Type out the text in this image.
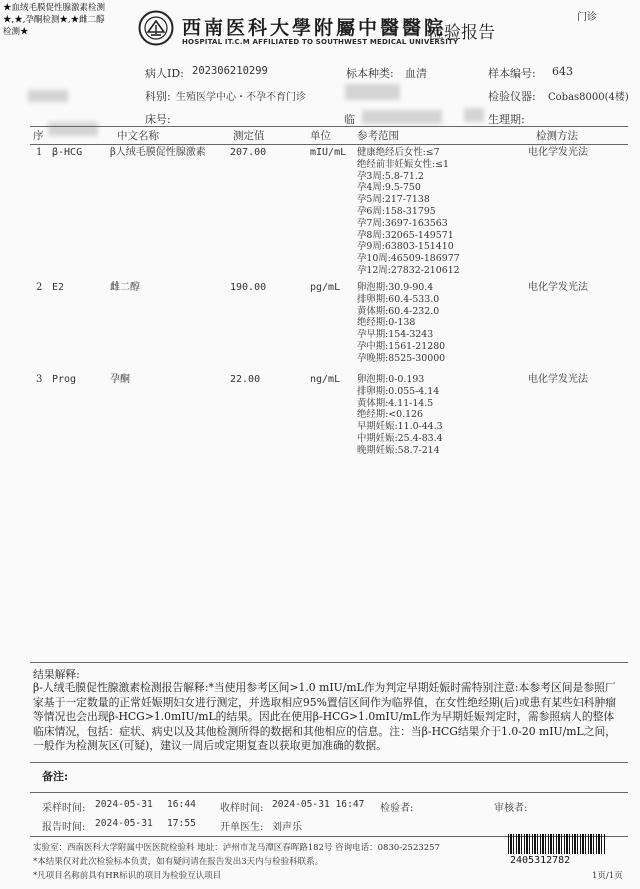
★血绒毛膜促性腺激素检测
★,★,孕酮检测★,★雌二醇
检测★	西南医科大學附屬中醫醫院
HOSPITAL IT.C.M AFFILIATED TO SOUTHWEST MEDICAL UNIVERSITY
检验报告
门诊
病人ID: 202306210299	标本种类: 血清	样本编号: 643
科别: 生殖医学中心・不孕不育门诊	检验仪器: Cobas8000(4楼)
床号:	临	生理期:
序	中文名称	测定值	单位 参考范围	检测方法
1 β-HCG	β人绒毛膜促性腺激素 207.00	mIU/mL 健康绝经后女性:≤7
绝经前非妊娠女性:≤1
孕3周:5.8-71.2
孕4周:9.5-750
孕5周:217-7138
孕6周:158-31795
孕7周:3697-163563
孕8周:32065-149571
孕9周:63803-151410
孕10周:46509-186977
孕12周:27832-210612
电化学发光法
2 E2	雌二醇	190.00	pg/mL 卵泡期:30.9-90.4
排卵期:60.4-533.0
黄体期:60.4-232.0
绝经期:0-138
孕早期:154-3243
孕中期:1561-21280
孕晚期:8525-30000
电化学发光法
3 Prog	孕酮	22.00	ng/mL 卵泡期:0-0.193
排卵期:0.055-4.14
黄体期:4.11-14.5
绝经期:<0.126
早期妊娠:11.0-44.3
中期妊娠:25.4-83.4
晚期妊娠:58.7-214
电化学发光法
结果解释:
β-人绒毛膜促性腺激素检测报告解释:*当使用参考区间>1.0 mIU/mL作为判定早期妊娠时需特别注意:本参考区间是参照厂家基于一定数量的正常妊娠期妇女进行测定，并选取相应95%置信区间作为临界值，在女性绝经期(后)或患有某些妇科肿瘤等情况也会出现β-HCG>1.0mIU/mL的结果。因此在使用β-HCG>1.0mIU/mL作为早期妊娠判定时，需参照病人的整体临床情况，包括：症状、病史以及其他检测所得的数据和其他相应的信息。注：当β-HCG结果介于1.0-20 mIU/mL之间，一般作为检测灰区(可疑)，建议一周后或定期复查以获取更加准确的数据。
备注:
采样时间: 2024-05-31 16:44 收样时间: 2024-05-31 16:47 检验者:	审核者:
报告时间: 2024-05-31 17:55 开单医生: 刘声乐
实验室：西南医科大学附属中医医院检验科 地址：泸州市龙马潭区春晖路182号 咨询电话：0830-2523257
*本结果仅对此次检验标本负责，如有疑问请在报告发出3天内与检验科联系。
*凡项目名称前具有HR标识的项目为检验互认项目
2405312782
1页/1页
